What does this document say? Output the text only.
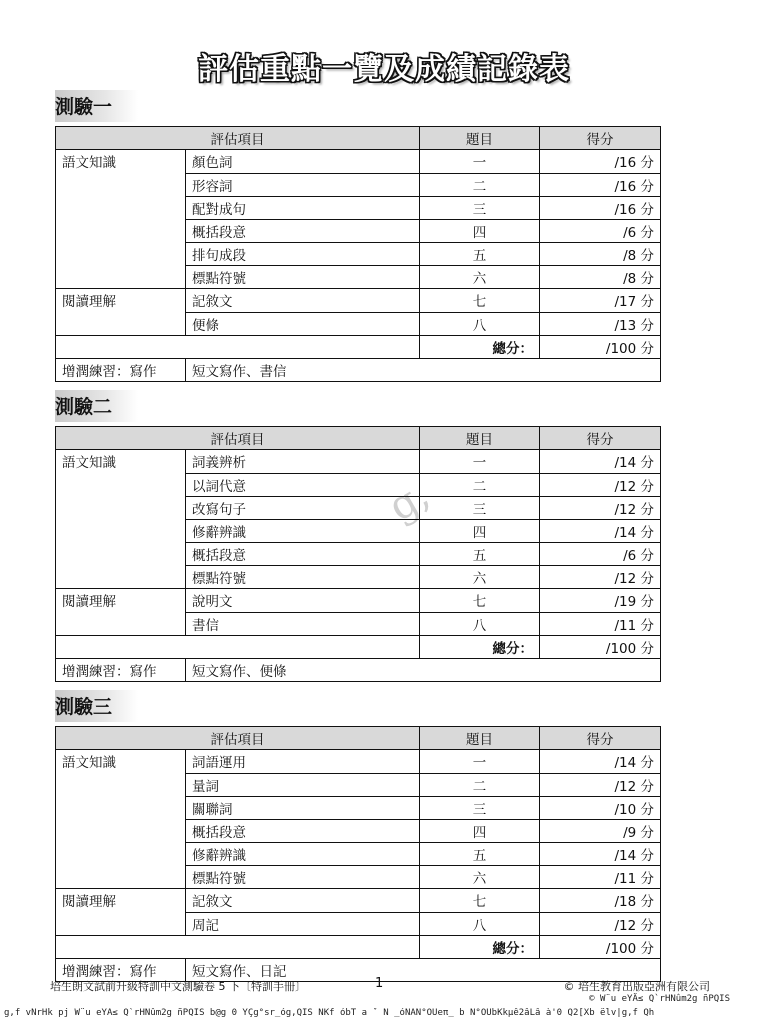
評估重點一覽及成績記錄表
g,
測驗一
評估項目		題目	得分
語文知識	顏色詞	一	/16 分
	形容詞	二	/16 分
	配對成句	三	/16 分
	概括段意	四	/6 分
	排句成段	五	/8 分
	標點符號	六	/8 分
閱讀理解	記敘文	七	/17 分
	便條	八	/13 分
		總分：	/100 分
增潤練習：寫作	短文寫作、書信		
測驗二
評估項目		題目	得分
語文知識	詞義辨析	一	/14 分
	以詞代意	二	/12 分
	改寫句子	三	/12 分
	修辭辨識	四	/14 分
	概括段意	五	/6 分
	標點符號	六	/12 分
閱讀理解	說明文	七	/19 分
	書信	八	/11 分
		總分：	/100 分
增潤練習：寫作	短文寫作、便條		
測驗三
評估項目		題目	得分
語文知識	詞語運用	一	/14 分
	量詞	二	/12 分
	關聯詞	三	/10 分
	概括段意	四	/9 分
	修辭辨識	五	/14 分
	標點符號	六	/11 分
閱讀理解	記敘文	七	/18 分
	周記	八	/12 分
		總分：	/100 分
增潤練習：寫作	短文寫作、日記		
培生朗文試前升級特訓中文測驗卷 5 下〔特訓手冊〕	1	© 培生教育出版亞洲有限公司
© W¨u eYÄ≤ Q`rHNûm2g ñPQIS
g,f vÑrHk pj W¨u eYÄ≤ Q`rHNûm2g ñPQIS b@g 0 YÇg°sr_óg,QIS NKf óbT a ˇ N _óNÂN°OUeπ_ b N°OUbKkµê2âLâ à'0 Q2[Xb ëlv|g,f Qh
